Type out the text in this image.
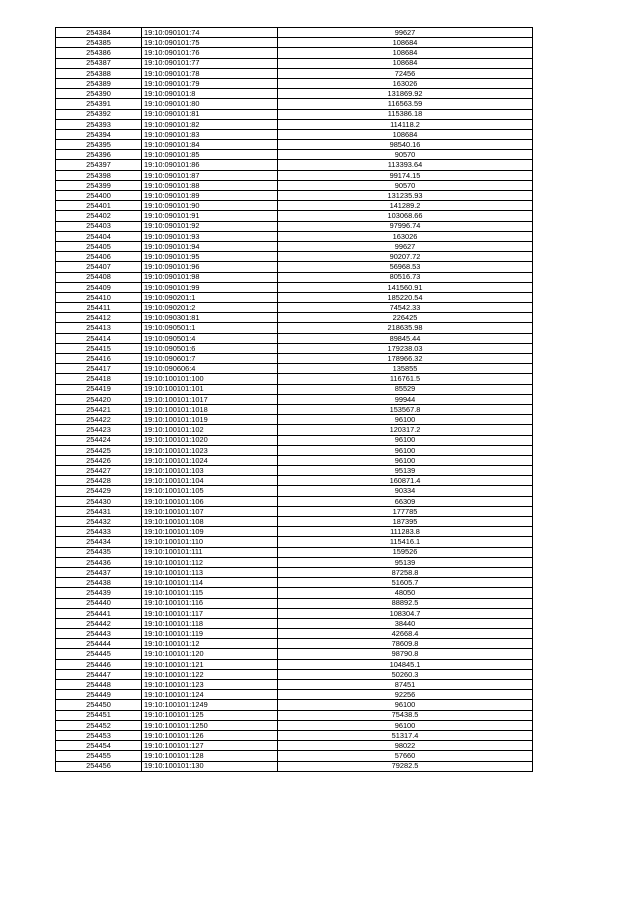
254384	19:10:090101:74	99627
254385	19:10:090101:75	108684
254386	19:10:090101:76	108684
254387	19:10:090101:77	108684
254388	19:10:090101:78	72456
254389	19:10:090101:79	163026
254390	19:10:090101:8	131869.92
254391	19:10:090101:80	116563.59
254392	19:10:090101:81	115386.18
254393	19:10:090101:82	114118.2
254394	19:10:090101:83	108684
254395	19:10:090101:84	98540.16
254396	19:10:090101:85	90570
254397	19:10:090101:86	113393.64
254398	19:10:090101:87	99174.15
254399	19:10:090101:88	90570
254400	19:10:090101:89	131235.93
254401	19:10:090101:90	141289.2
254402	19:10:090101:91	103068.66
254403	19:10:090101:92	97996.74
254404	19:10:090101:93	163026
254405	19:10:090101:94	99627
254406	19:10:090101:95	90207.72
254407	19:10:090101:96	56968.53
254408	19:10:090101:98	80516.73
254409	19:10:090101:99	141560.91
254410	19:10:090201:1	185220.54
254411	19:10:090201:2	74542.33
254412	19:10:090301:81	226425
254413	19:10:090501:1	218635.98
254414	19:10:090501:4	89845.44
254415	19:10:090501:6	179238.03
254416	19:10:090601:7	178966.32
254417	19:10:090606:4	135855
254418	19:10:100101:100	116761.5
254419	19:10:100101:101	85529
254420	19:10:100101:1017	99944
254421	19:10:100101:1018	153567.8
254422	19:10:100101:1019	96100
254423	19:10:100101:102	120317.2
254424	19:10:100101:1020	96100
254425	19:10:100101:1023	96100
254426	19:10:100101:1024	96100
254427	19:10:100101:103	95139
254428	19:10:100101:104	160871.4
254429	19:10:100101:105	90334
254430	19:10:100101:106	66309
254431	19:10:100101:107	177785
254432	19:10:100101:108	187395
254433	19:10:100101:109	111283.8
254434	19:10:100101:110	115416.1
254435	19:10:100101:111	159526
254436	19:10:100101:112	95139
254437	19:10:100101:113	87258.8
254438	19:10:100101:114	51605.7
254439	19:10:100101:115	48050
254440	19:10:100101:116	88892.5
254441	19:10:100101:117	108304.7
254442	19:10:100101:118	38440
254443	19:10:100101:119	42668.4
254444	19:10:100101:12	78609.8
254445	19:10:100101:120	98790.8
254446	19:10:100101:121	104845.1
254447	19:10:100101:122	50260.3
254448	19:10:100101:123	87451
254449	19:10:100101:124	92256
254450	19:10:100101:1249	96100
254451	19:10:100101:125	75438.5
254452	19:10:100101:1250	96100
254453	19:10:100101:126	51317.4
254454	19:10:100101:127	98022
254455	19:10:100101:128	57660
254456	19:10:100101:130	79282.5
